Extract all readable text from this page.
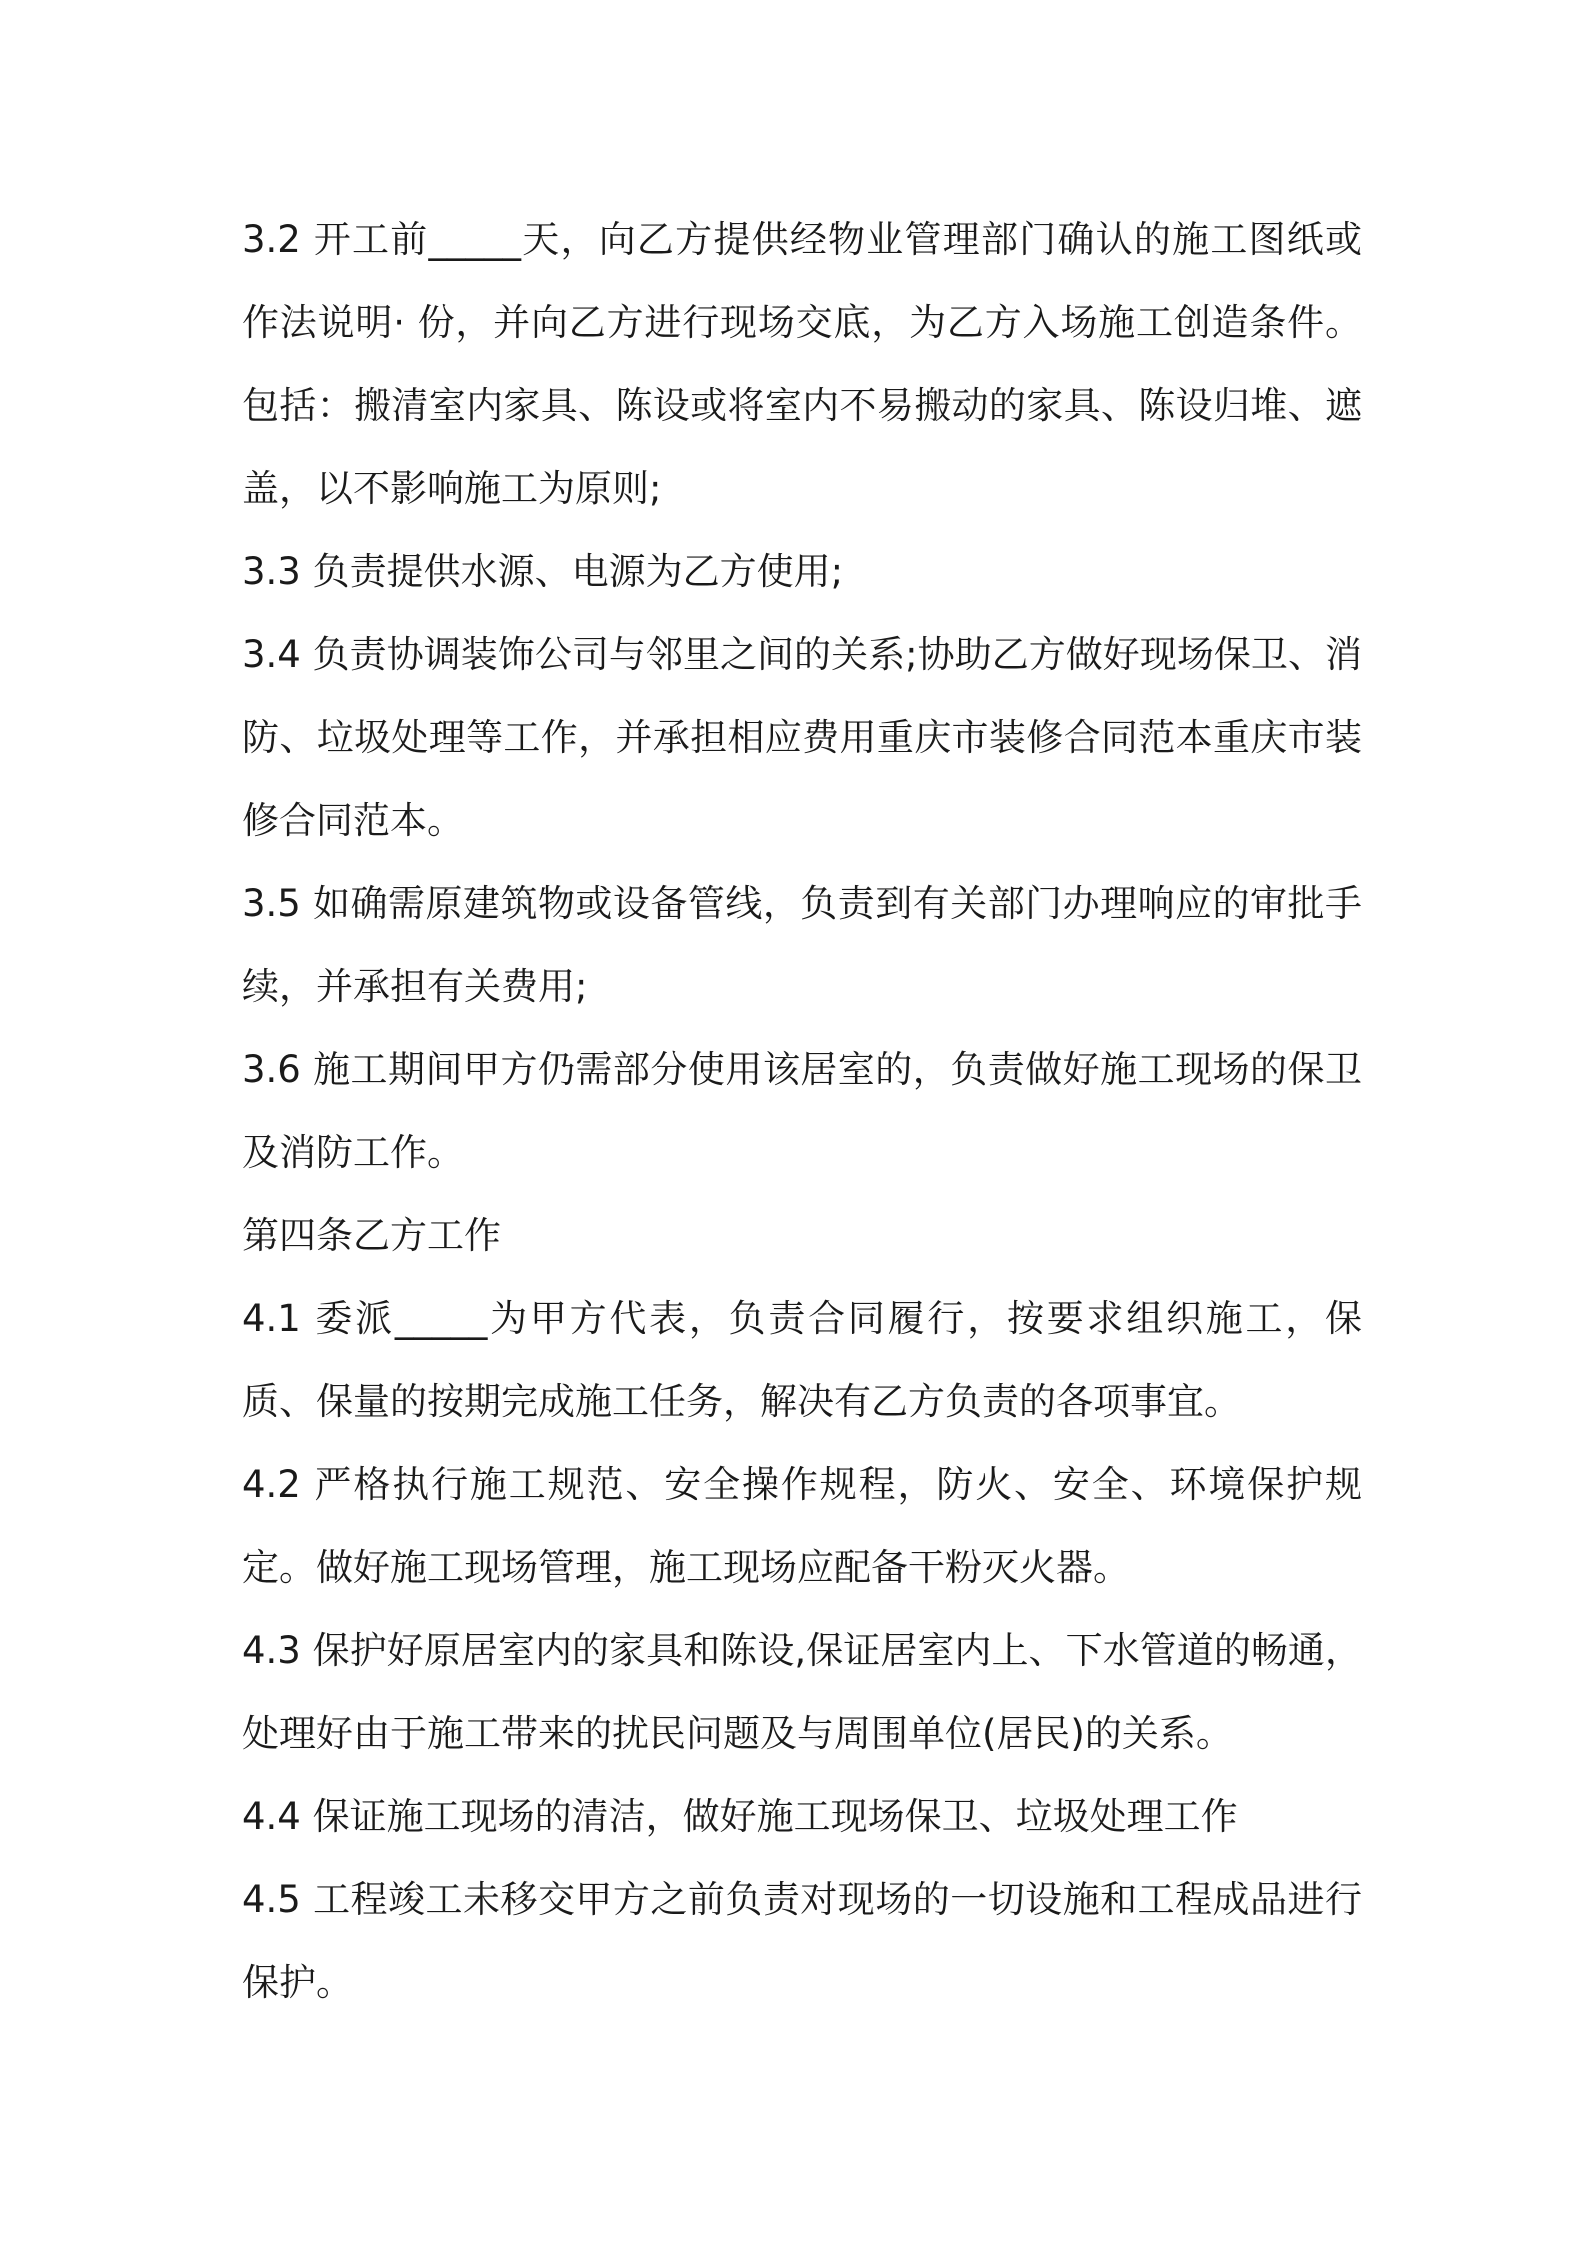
3.2 开工前_____天，向乙方提供经物业管理部门确认的施工图纸或作法说明· 份，并向乙方进行现场交底，为乙方入场施工创造条件。包括：搬清室内家具、陈设或将室内不易搬动的家具、陈设归堆、遮盖，以不影响施工为原则;

3.3 负责提供水源、电源为乙方使用;

3.4 负责协调装饰公司与邻里之间的关系;协助乙方做好现场保卫、消防、垃圾处理等工作，并承担相应费用重庆市装修合同范本重庆市装修合同范本。

3.5 如确需原建筑物或设备管线，负责到有关部门办理响应的审批手续，并承担有关费用;

3.6 施工期间甲方仍需部分使用该居室的，负责做好施工现场的保卫及消防工作。

第四条乙方工作

4.1 委派_____为甲方代表，负责合同履行，按要求组织施工，保质、保量的按期完成施工任务，解决有乙方负责的各项事宜。

4.2 严格执行施工规范、安全操作规程，防火、安全、环境保护规定。做好施工现场管理，施工现场应配备干粉灭火器。

4.3 保护好原居室内的家具和陈设,保证居室内上、下水管道的畅通，处理好由于施工带来的扰民问题及与周围单位(居民)的关系。

4.4 保证施工现场的清洁，做好施工现场保卫、垃圾处理工作

4.5 工程竣工未移交甲方之前负责对现场的一切设施和工程成品进行保护。
